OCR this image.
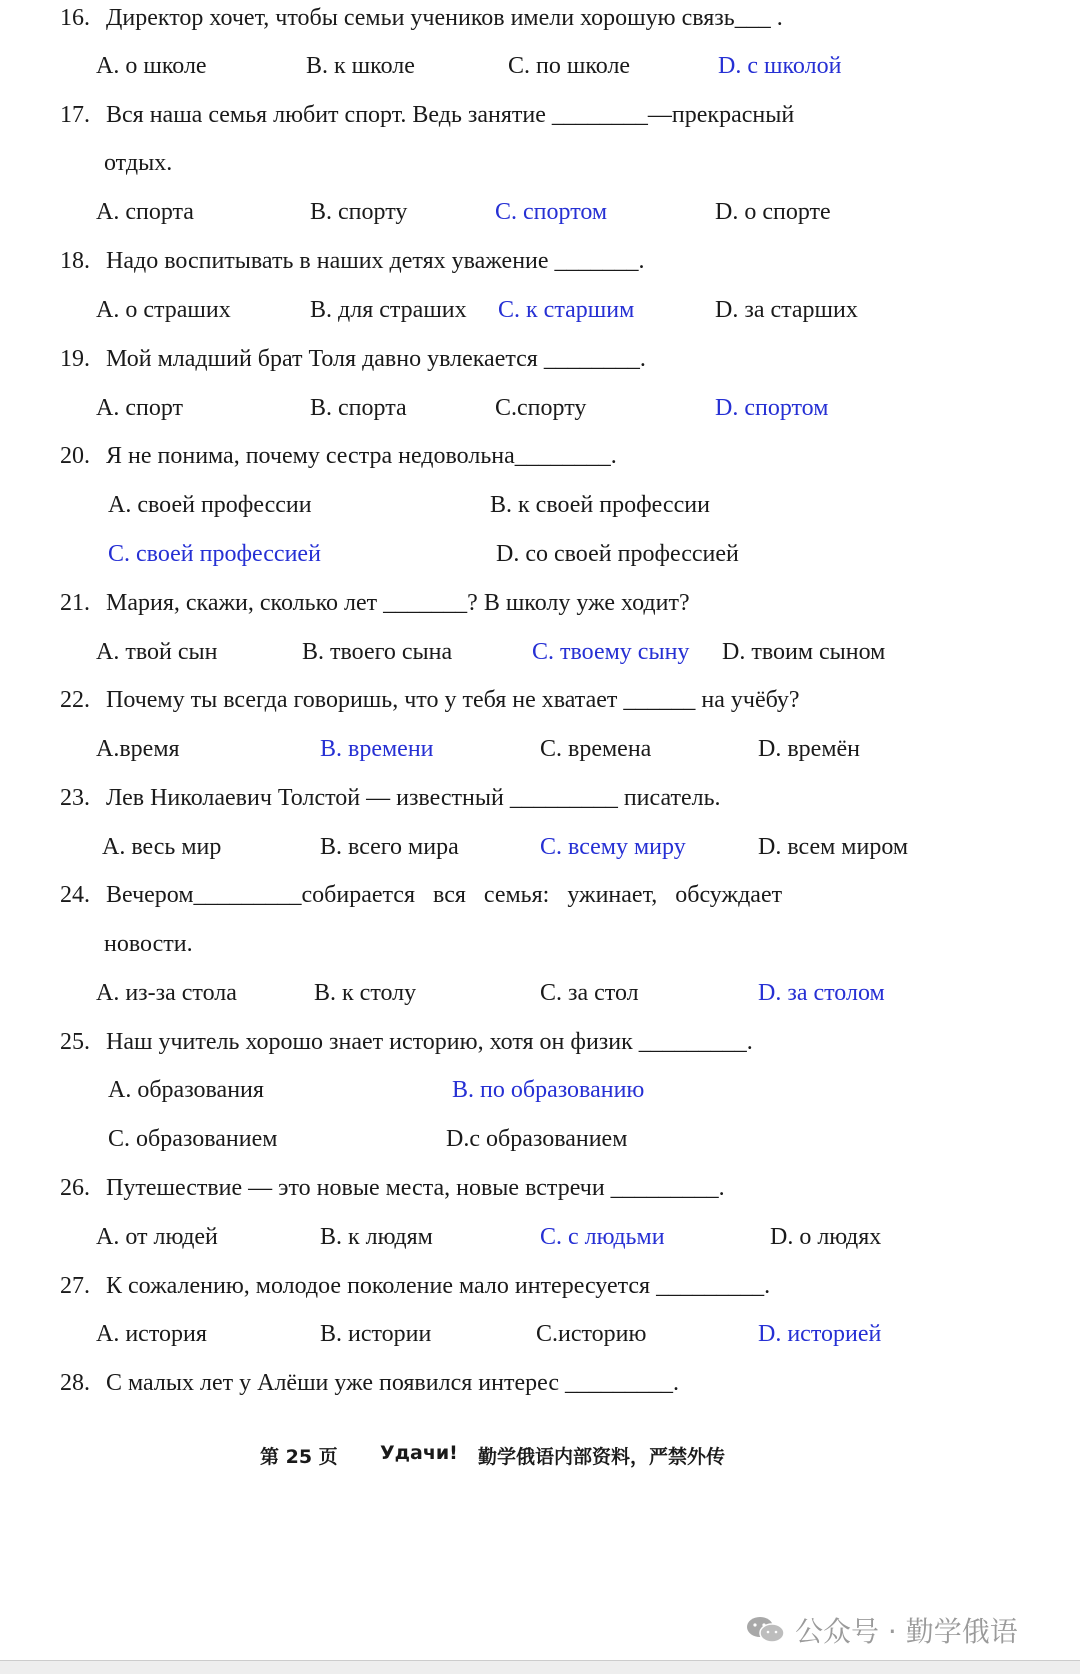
16. Директор хочет, чтобы семьи учеников имели хорошую связь___ .
A. о школе	B. к школе	C. по школе	D. с школой
17. Вся наша семья любит спорт. Ведь занятие ________—прекрасный
отдых.
A. спорта	B. спорту	C. спортом	D. о спорте
18. Надо воспитывать в наших детях уважение _______.
A. о страших	B. для страших C. к старшим	D. за старших
19. Мой младший брат Толя давно увлекается ________.
A. спорт	B. спорта	C.спорту	D. спортом
20. Я не понима, почему сестра недовольна________.
A. своей профессии	B. к своей профессии
C. своей профессией	D. со своей профессией
21. Мария, скажи, сколько лет _______? В школу уже ходит?
A. твой сын	B. твоего сына	C. твоему сыну D. твоим сыном
22. Почему ты всегда говоришь, что у тебя не хватает ______ на учёбу?
A.время	B. времени	C. времена	D. времён
23. Лев Николаевич Толстой — известный _________ писатель.
A. весь мир	B. всего мира	C. всему миру	D. всем миром
24. Вечером_________собирается   вся   семья:   ужинает,   обсуждает
новости.
A. из-за стола	B. к столу	C. за стол	D. за столом
25. Наш учитель хорошо знает историю, хотя он физик _________.
A. образования	B. по образованию
C. образованием	D.с образованием
26. Путешествие — это новые места, новые встречи _________.
A. от людей	B. к людям	C. с людьми	D. о людях
27. К сожалению, молодое поколение мало интересуется _________.
A. история	B. истории	C.историю	D. историей
28. С малых лет у Алёши уже появился интерес _________.
第 25 页 Удачи! 勤学俄语内部资料，严禁外传
公众号 · 勤学俄语
